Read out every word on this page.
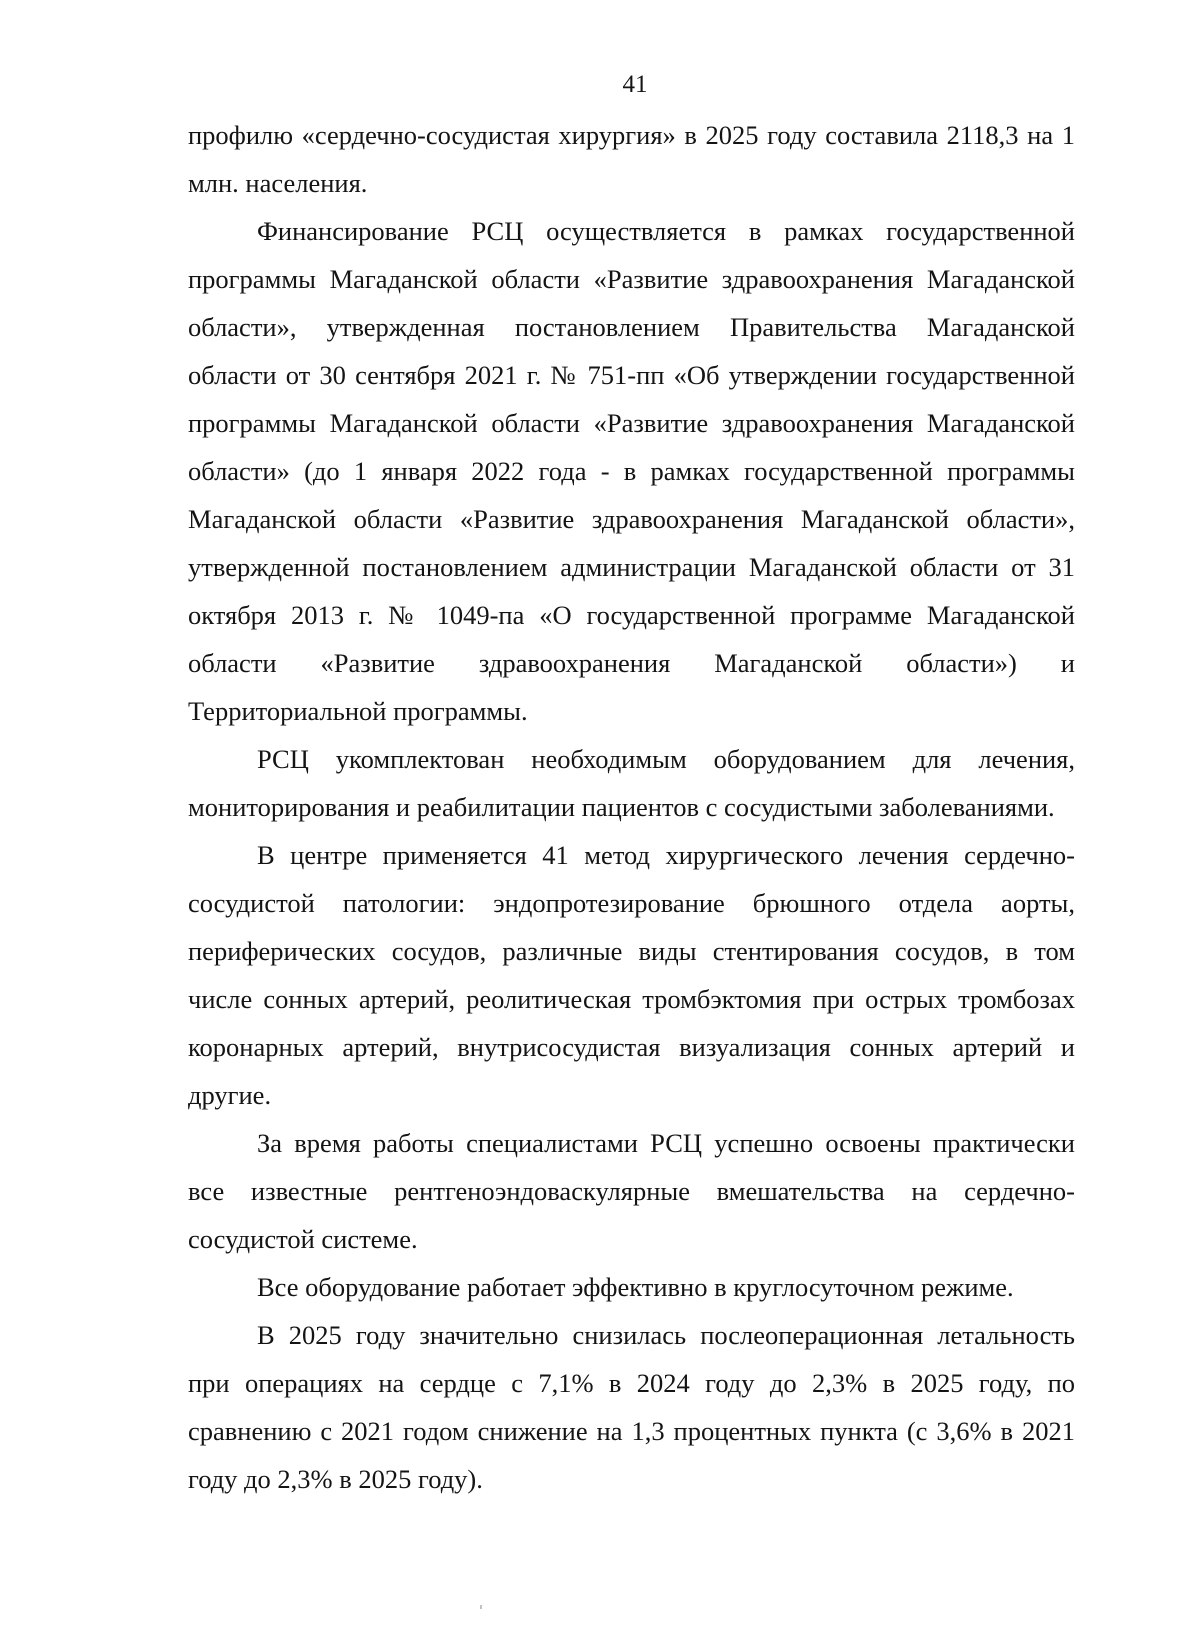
41

профилю «сердечно-сосудистая хирургия» в 2025 году составила 2118,3 на 1 млн. населения.

Финансирование РСЦ осуществляется в рамках государственной программы Магаданской области «Развитие здравоохранения Магаданской области», утвержденная постановлением Правительства Магаданской области от 30 сентября 2021 г. № 751-пп «Об утверждении государственной программы Магаданской области «Развитие здравоохранения Магаданской области» (до 1 января 2022 года - в рамках государственной программы Магаданской области «Развитие здравоохранения Магаданской области», утвержденной постановлением администрации Магаданской области от 31 октября 2013 г. № 1049-па «О государственной программе Магаданской области «Развитие здравоохранения Магаданской области») и Территориальной программы.

РСЦ укомплектован необходимым оборудованием для лечения, мониторирования и реабилитации пациентов с сосудистыми заболеваниями.

В центре применяется 41 метод хирургического лечения сердечно-сосудистой патологии: эндопротезирование брюшного отдела аорты, периферических сосудов, различные виды стентирования сосудов, в том числе сонных артерий, реолитическая тромбэктомия при острых тромбозах коронарных артерий, внутрисосудистая визуализация сонных артерий и другие.

За время работы специалистами РСЦ успешно освоены практически все известные рентгеноэндоваскулярные вмешательства на сердечно-сосудистой системе.

Все оборудование работает эффективно в круглосуточном режиме.

В 2025 году значительно снизилась послеоперационная летальность при операциях на сердце с 7,1% в 2024 году до 2,3% в 2025 году, по сравнению с 2021 годом снижение на 1,3 процентных пункта (с 3,6% в 2021 году до 2,3% в 2025 году).
